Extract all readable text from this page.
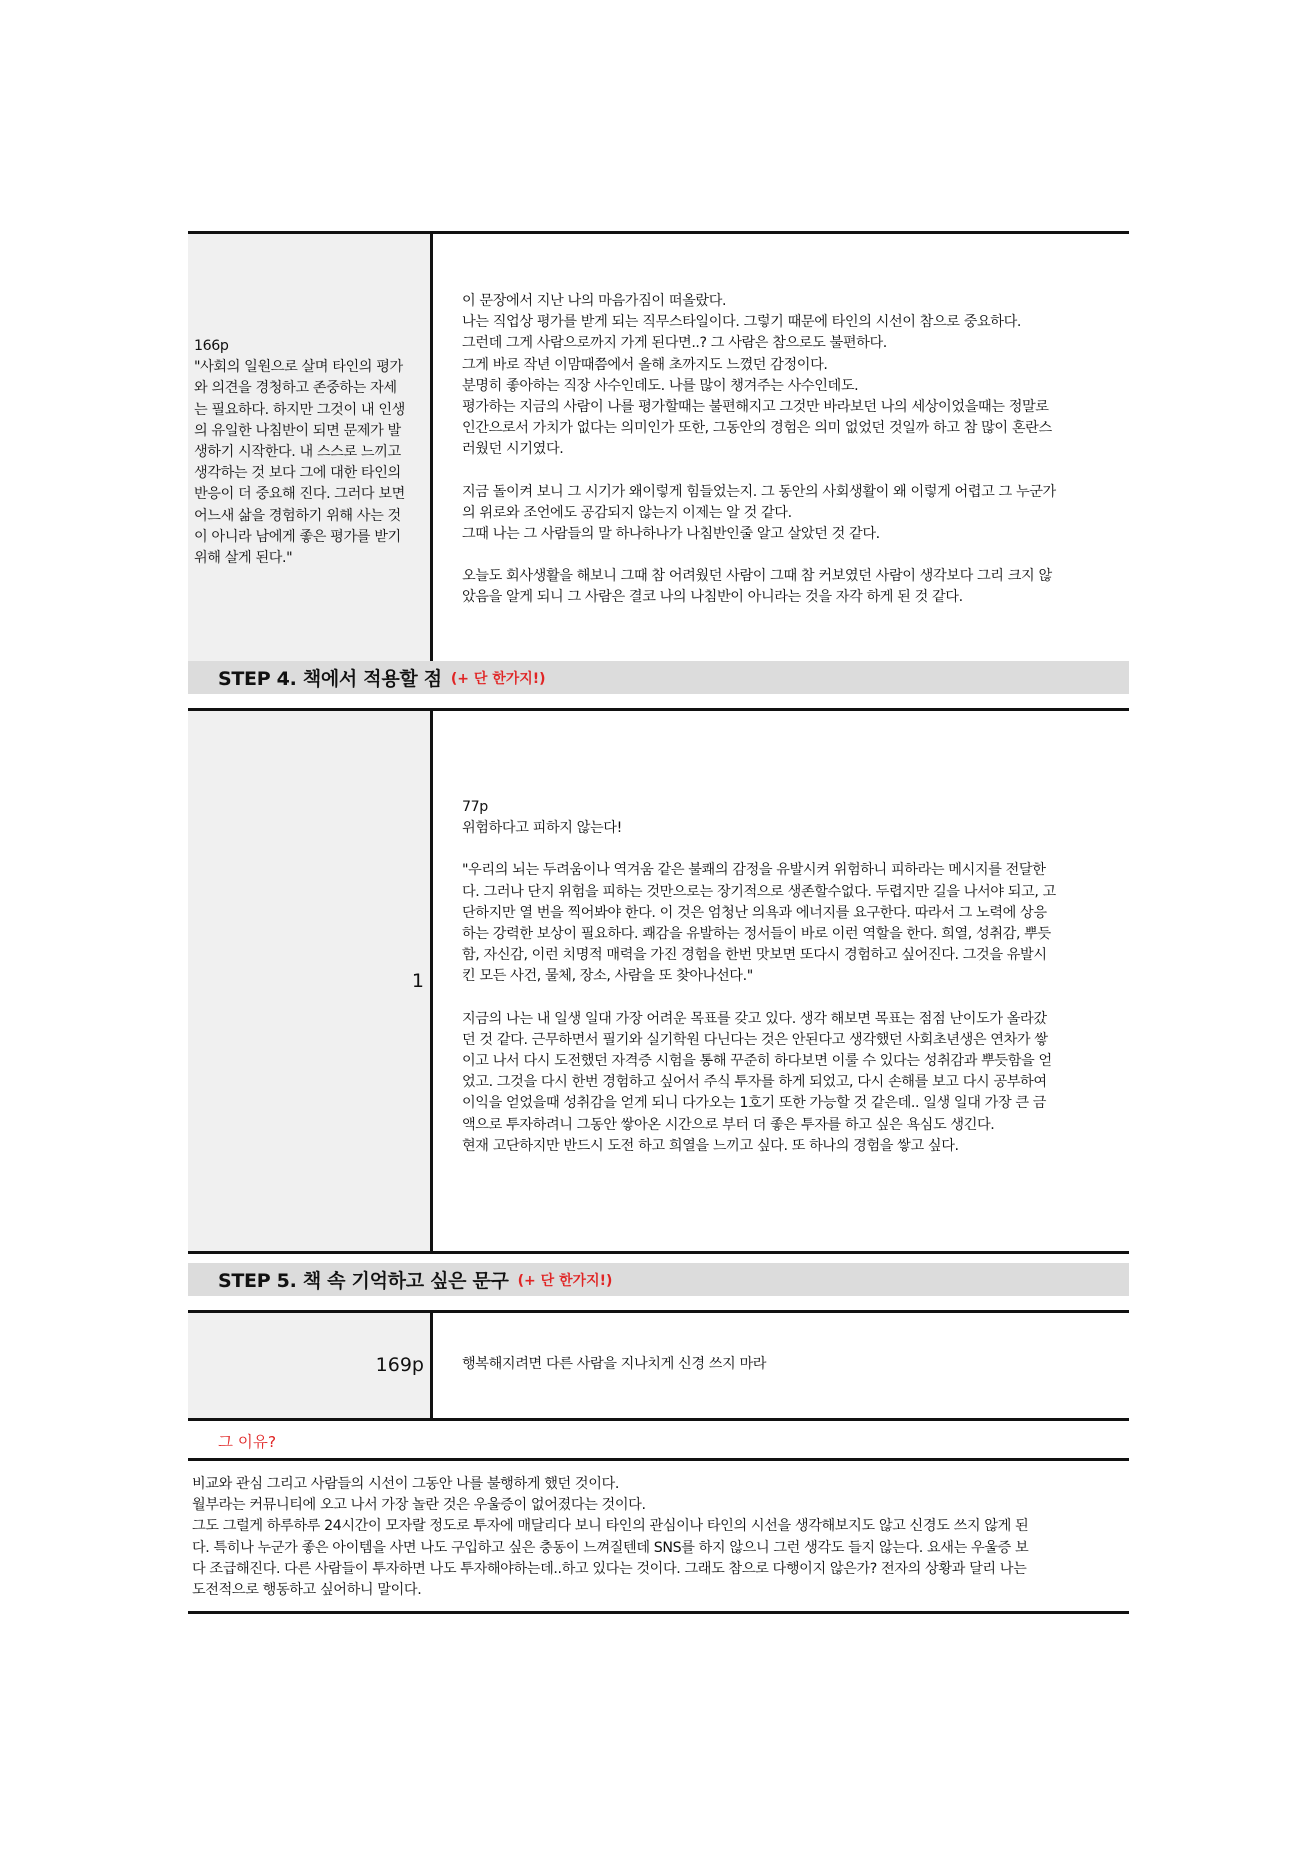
166p

"사회의 일원으로 살며 타인의 평가

와 의견을 경청하고 존중하는 자세

는 필요하다. 하지만 그것이 내 인생

의 유일한 나침반이 되면 문제가 발

생하기 시작한다. 내 스스로 느끼고

생각하는 것 보다 그에 대한 타인의

반응이 더 중요해 진다. 그러다 보면

어느새 삶을 경험하기 위해 사는 것

이 아니라 남에게 좋은 평가를 받기

위해 살게 된다."

이 문장에서 지난 나의 마음가짐이 떠올랐다.

나는 직업상 평가를 받게 되는 직무스타일이다. 그렇기 때문에 타인의 시선이 참으로 중요하다.

그런데 그게 사람으로까지 가게 된다면..? 그 사람은 참으로도 불편하다.

그게 바로 작년 이맘때쯤에서 올해 초까지도 느꼈던 감정이다.

분명히 좋아하는 직장 사수인데도. 나를 많이 챙겨주는 사수인데도.

평가하는 지금의 사람이 나를 평가할때는 불편해지고 그것만 바라보던 나의 세상이었을때는 정말로

인간으로서 가치가 없다는 의미인가 또한, 그동안의 경험은 의미 없었던 것일까 하고 참 많이 혼란스

러웠던 시기였다.

지금 돌이켜 보니 그 시기가 왜이렇게 힘들었는지. 그 동안의 사회생활이 왜 이렇게 어렵고 그 누군가

의 위로와 조언에도 공감되지 않는지 이제는 알 것 같다.

그때 나는 그 사람들의 말 하나하나가 나침반인줄 알고 살았던 것 같다.

오늘도 회사생활을 해보니 그때 참 어려웠던 사람이 그때 참 커보였던 사람이 생각보다 그리 크지 않

았음을 알게 되니 그 사람은 결코 나의 나침반이 아니라는 것을 자각 하게 된 것 같다.

STEP 4. 책에서 적용할 점 (+ 단 한가지!)
1

77p

위험하다고 피하지 않는다!

"우리의 뇌는 두려움이나 역겨움 같은 불쾌의 감정을 유발시켜 위험하니 피하라는 메시지를 전달한

다. 그러나 단지 위험을 피하는 것만으로는 장기적으로 생존할수없다. 두렵지만 길을 나서야 되고, 고

단하지만 열 번을 찍어봐야 한다. 이 것은 엄청난 의욕과 에너지를 요구한다. 따라서 그 노력에 상응

하는 강력한 보상이 필요하다. 쾌감을 유발하는 정서들이 바로 이런 역할을 한다. 희열, 성취감, 뿌듯

함, 자신감, 이런 치명적 매력을 가진 경험을 한번 맛보면 또다시 경험하고 싶어진다. 그것을 유발시

킨 모든 사건, 물체, 장소, 사람을 또 찾아나선다."

지금의 나는 내 일생 일대 가장 어려운 목표를 갖고 있다. 생각 해보면 목표는 점점 난이도가 올라갔

던 것 같다. 근무하면서 필기와 실기학원 다닌다는 것은 안된다고 생각했던 사회초년생은 연차가 쌓

이고 나서 다시 도전했던 자격증 시험을 통해 꾸준히 하다보면 이룰 수 있다는 성취감과 뿌듯함을 얻

었고. 그것을 다시 한번 경험하고 싶어서 주식 투자를 하게 되었고, 다시 손해를 보고 다시 공부하여

이익을 얻었을때 성취감을 얻게 되니 다가오는 1호기 또한 가능할 것 같은데.. 일생 일대 가장 큰 금

액으로 투자하려니 그동안 쌓아온 시간으로 부터 더 좋은 투자를 하고 싶은 욕심도 생긴다.

현재 고단하지만 반드시 도전 하고 희열을 느끼고 싶다. 또 하나의 경험을 쌓고 싶다.

STEP 5. 책 속 기억하고 싶은 문구 (+ 단 한가지!)
169p	행복해지려면 다른 사람을 지나치게 신경 쓰지 마라

그 이유?

비교와 관심 그리고 사람들의 시선이 그동안 나를 불행하게 했던 것이다.

월부라는 커뮤니티에 오고 나서 가장 놀란 것은 우울증이 없어졌다는 것이다.

그도 그럴게 하루하루 24시간이 모자랄 정도로 투자에 매달리다 보니 타인의 관심이나 타인의 시선을 생각해보지도 않고 신경도 쓰지 않게 된

다. 특히나 누군가 좋은 아이템을 사면 나도 구입하고 싶은 충동이 느껴질텐데 SNS를 하지 않으니 그런 생각도 들지 않는다. 요새는 우울증 보

다 조급해진다. 다른 사람들이 투자하면 나도 투자해야하는데..하고 있다는 것이다. 그래도 참으로 다행이지 않은가? 전자의 상황과 달리 나는

도전적으로 행동하고 싶어하니 말이다.
